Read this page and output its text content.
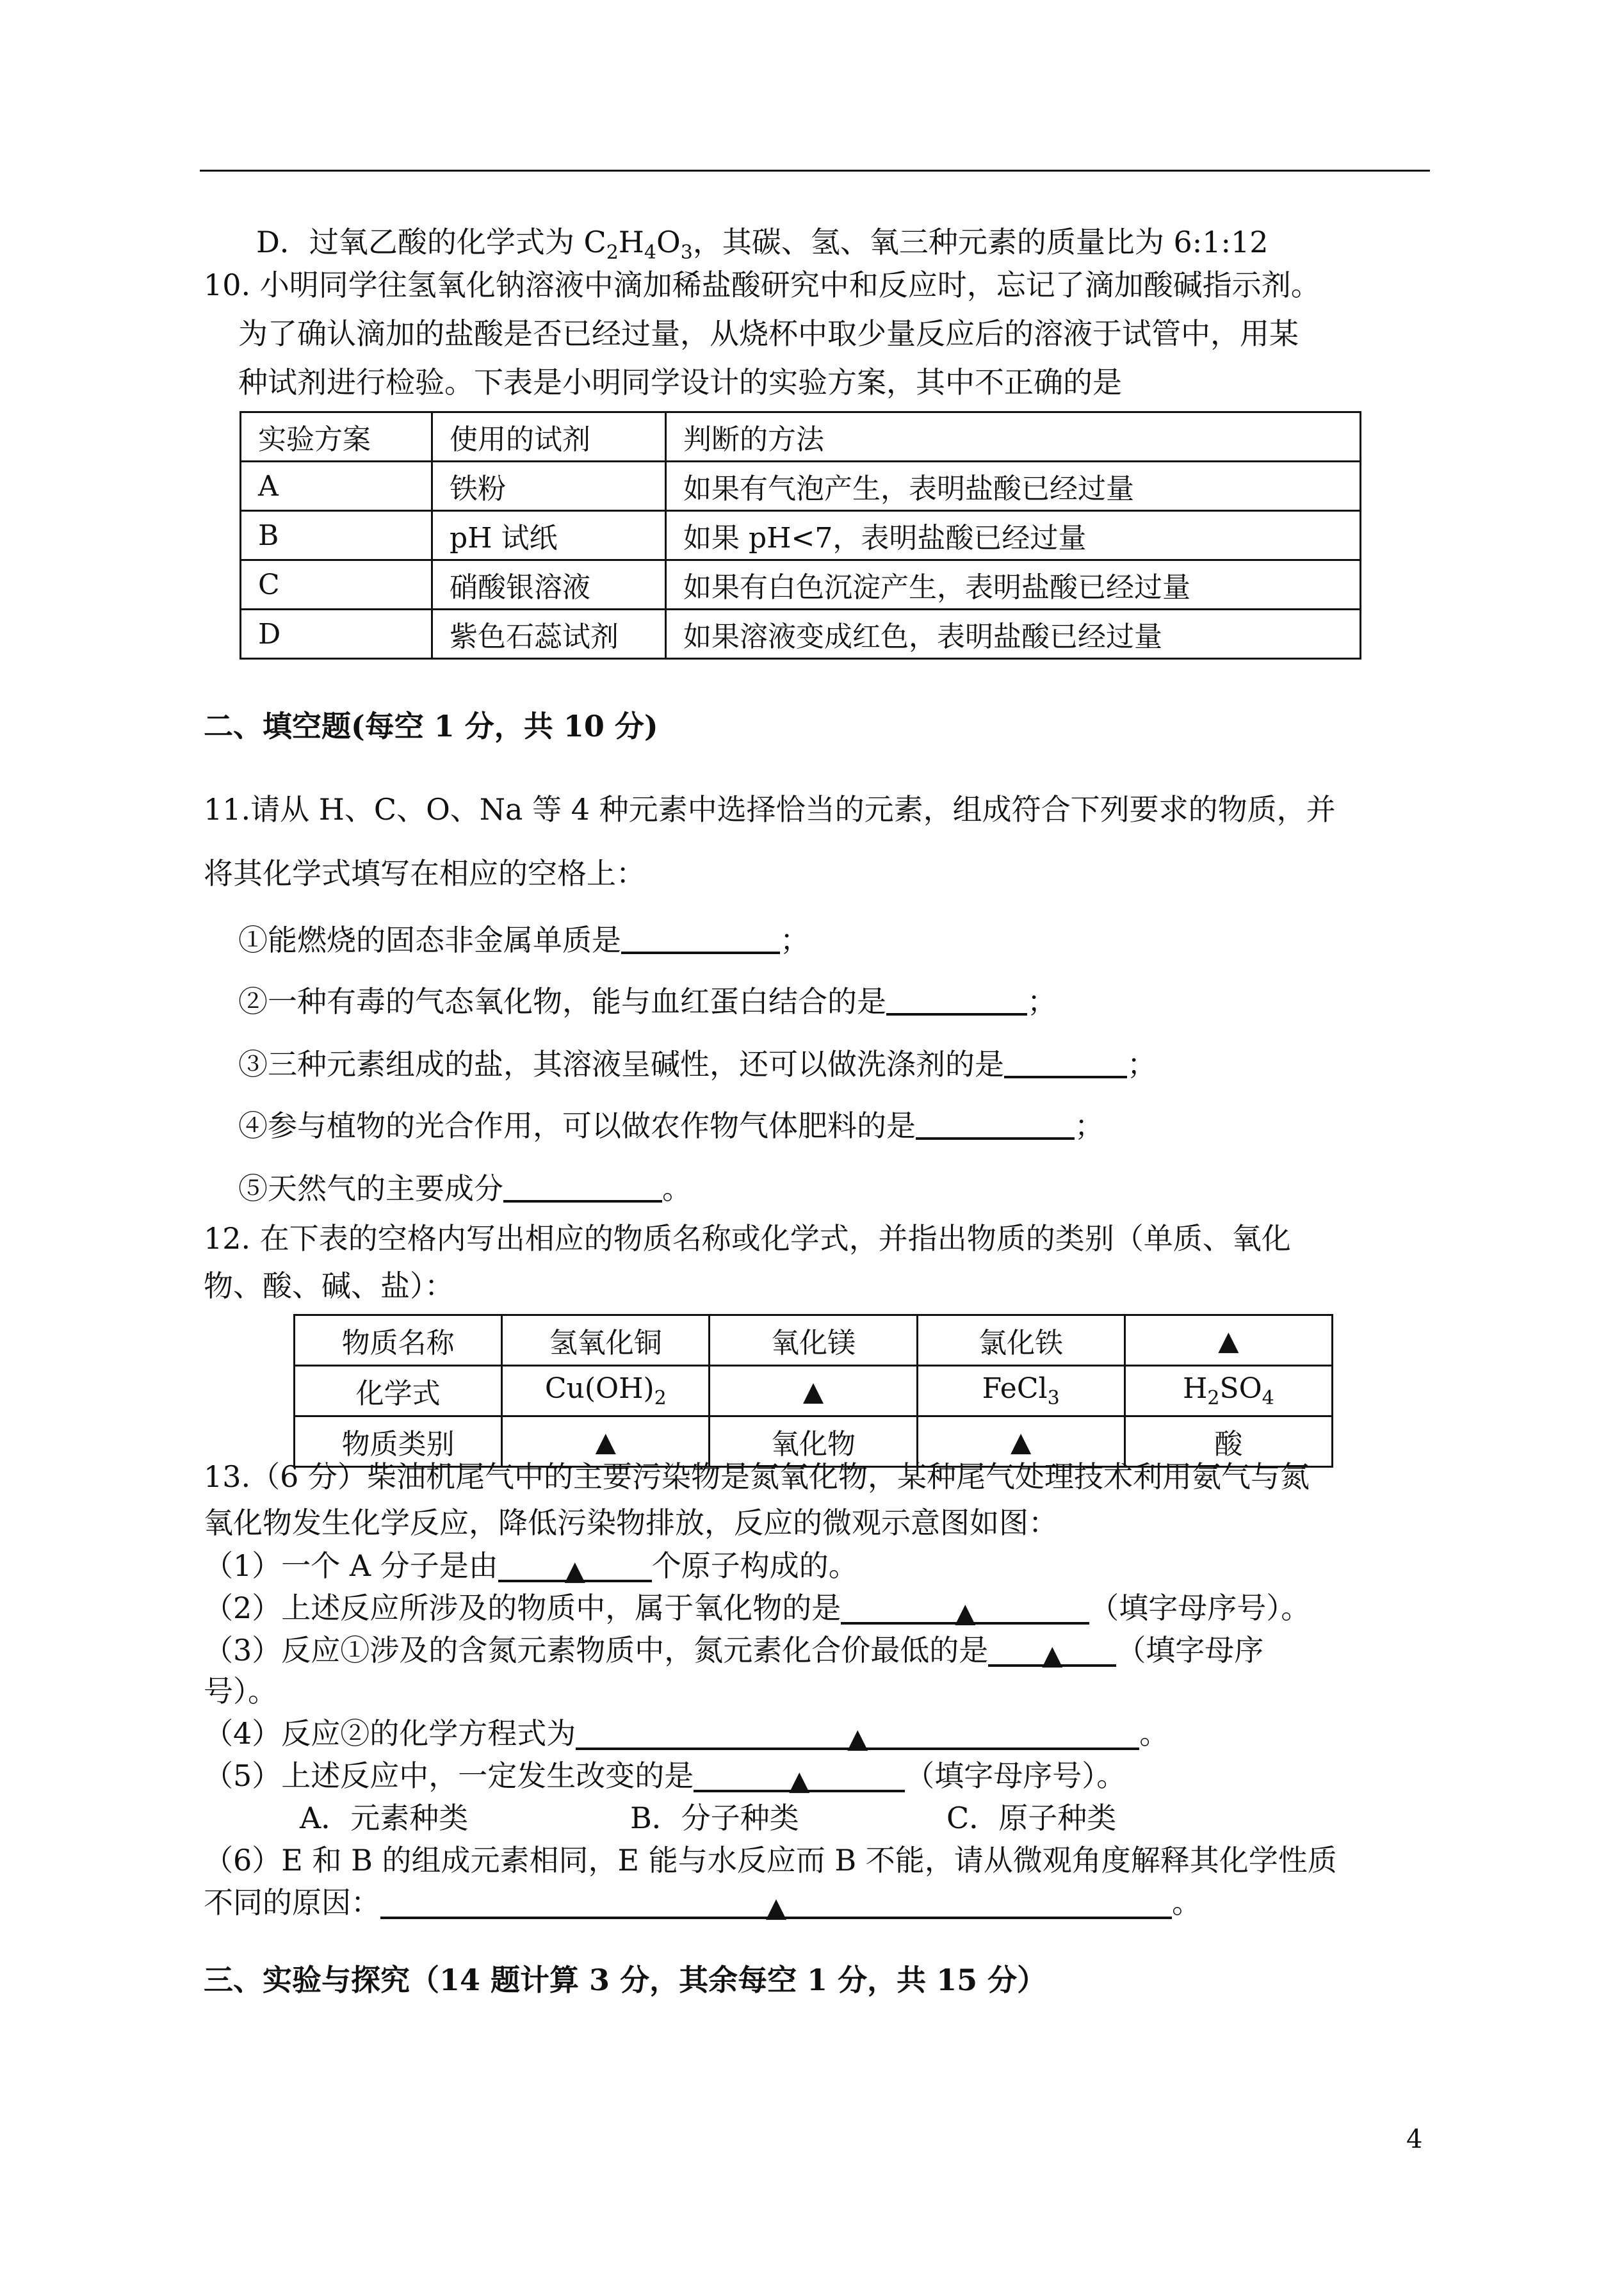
D．过氧乙酸的化学式为 $C_2H_4O_3$，其碳、氢、氧三种元素的质量比为 6:1:12
10. 小明同学往氢氧化钠溶液中滴加稀盐酸研究中和反应时，忘记了滴加酸碱指示剂。
为了确认滴加的盐酸是否已经过量，从烧杯中取少量反应后的溶液于试管中，用某
种试剂进行检验。下表是小明同学设计的实验方案，其中不正确的是
实验方案	使用的试剂	判断的方法
A	铁粉	如果有气泡产生，表明盐酸已经过量
B	pH 试纸	如果 pH<7，表明盐酸已经过量
C	硝酸银溶液	如果有白色沉淀产生，表明盐酸已经过量
D	紫色石蕊试剂	如果溶液变成红色，表明盐酸已经过量
二、填空题(每空 1 分，共 10 分)
11.请从 H、C、O、Na 等 4 种元素中选择恰当的元素，组成符合下列要求的物质，并
将其化学式填写在相应的空格上：
①能燃烧的固态非金属单质是	；
②一种有毒的气态氧化物，能与血红蛋白结合的是	；
③三种元素组成的盐，其溶液呈碱性，还可以做洗涤剂的是	；
④参与植物的光合作用，可以做农作物气体肥料的是	；
⑤天然气的主要成分	。
12. 在下表的空格内写出相应的物质名称或化学式，并指出物质的类别（单质、氧化
物、酸、碱、盐）：
物质名称	氢氧化铜	氧化镁	氯化铁	▲
化学式	$Cu(OH)_2$	▲	FeCl$_3$	$H_2SO_4$
物质类别	▲	氧化物	▲	酸
13.（6 分）柴油机尾气中的主要污染物是氮氧化物，某种尾气处理技术利用氨气与氮
氧化物发生化学反应，降低污染物排放，反应的微观示意图如图：
（1）一个 A 分子是由 ▲ 个原子构成的。
（2）上述反应所涉及的物质中，属于氧化物的是	▲	（填字母序号）。
（3）反应①涉及的含氮元素物质中，氮元素化合价最低的是 ▲ （填字母序
号）。
（4）反应②的化学方程式为	▲	。
（5）上述反应中，一定发生改变的是	▲	（填字母序号）。
A．元素种类	B．分子种类	C．原子种类
（6）E 和 B 的组成元素相同，E 能与水反应而 B 不能，请从微观角度解释其化学性质
不同的原因：	▲	。
三、实验与探究（14 题计算 3 分，其余每空 1 分，共 15 分）
4
